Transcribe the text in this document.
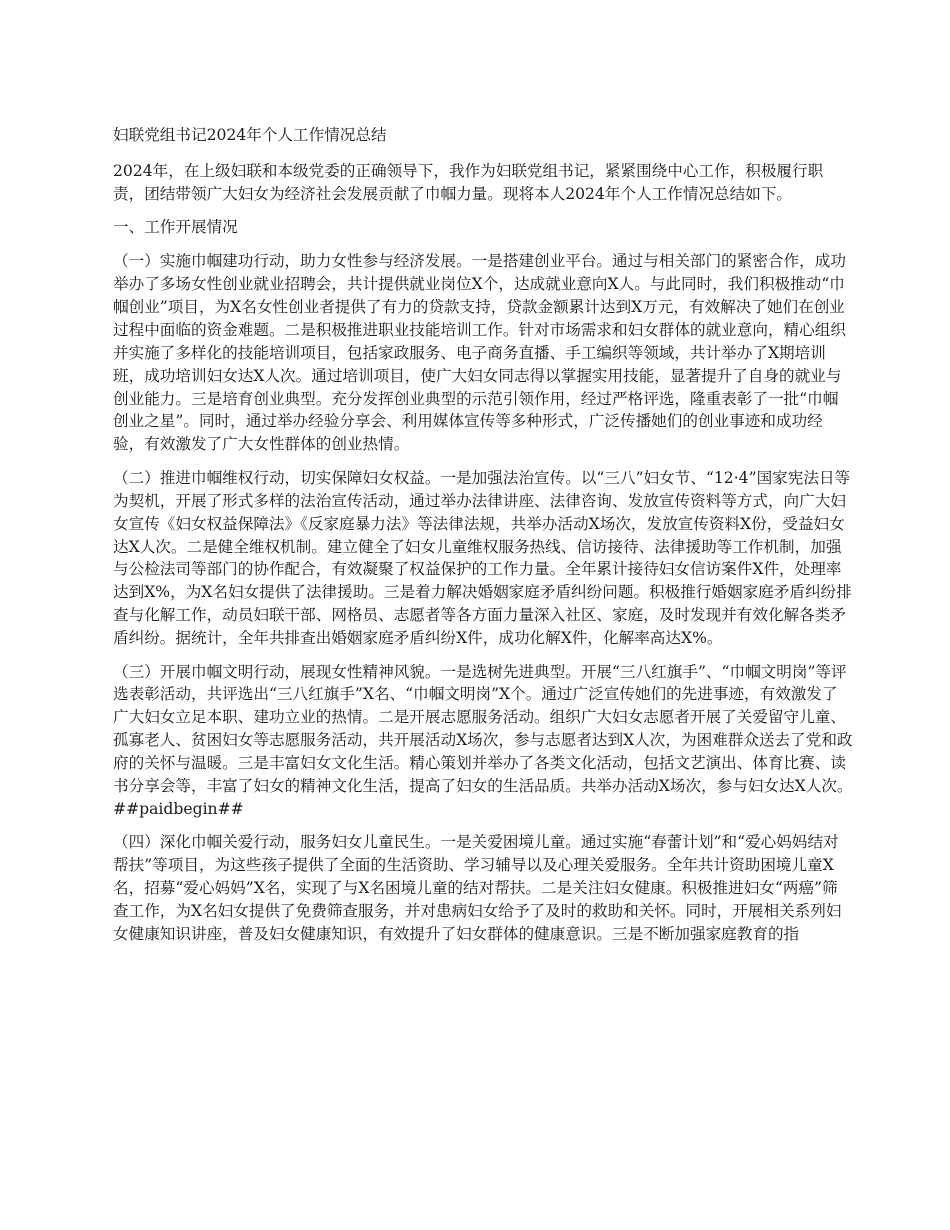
妇联党组书记2024年个人工作情况总结

2024年，在上级妇联和本级党委的正确领导下，我作为妇联党组书记，紧紧围绕中心工作，积极履行职责，团结带领广大妇女为经济社会发展贡献了巾帼力量。现将本人2024年个人工作情况总结如下。

一、工作开展情况

（一）实施巾帼建功行动，助力女性参与经济发展。一是搭建创业平台。通过与相关部门的紧密合作，成功举办了多场女性创业就业招聘会，共计提供就业岗位X个，达成就业意向X人。与此同时，我们积极推动“巾帼创业”项目，为X名女性创业者提供了有力的贷款支持，贷款金额累计达到X万元，有效解决了她们在创业过程中面临的资金难题。二是积极推进职业技能培训工作。针对市场需求和妇女群体的就业意向，精心组织并实施了多样化的技能培训项目，包括家政服务、电子商务直播、手工编织等领域，共计举办了X期培训班，成功培训妇女达X人次。通过培训项目，使广大妇女同志得以掌握实用技能，显著提升了自身的就业与创业能力。三是培育创业典型。充分发挥创业典型的示范引领作用，经过严格评选，隆重表彰了一批“巾帼创业之星”。同时，通过举办经验分享会、利用媒体宣传等多种形式，广泛传播她们的创业事迹和成功经验，有效激发了广大女性群体的创业热情。

（二）推进巾帼维权行动，切实保障妇女权益。一是加强法治宣传。以“三八”妇女节、“12·4”国家宪法日等为契机，开展了形式多样的法治宣传活动，通过举办法律讲座、法律咨询、发放宣传资料等方式，向广大妇女宣传《妇女权益保障法》《反家庭暴力法》等法律法规，共举办活动X场次，发放宣传资料X份，受益妇女达X人次。二是健全维权机制。建立健全了妇女儿童维权服务热线、信访接待、法律援助等工作机制，加强与公检法司等部门的协作配合，有效凝聚了权益保护的工作力量。全年累计接待妇女信访案件X件，处理率达到X%，为X名妇女提供了法律援助。三是着力解决婚姻家庭矛盾纠纷问题。积极推行婚姻家庭矛盾纠纷排查与化解工作，动员妇联干部、网格员、志愿者等各方面力量深入社区、家庭，及时发现并有效化解各类矛盾纠纷。据统计，全年共排查出婚姻家庭矛盾纠纷X件，成功化解X件，化解率高达X%。

（三）开展巾帼文明行动，展现女性精神风貌。一是选树先进典型。开展“三八红旗手”、“巾帼文明岗”等评选表彰活动，共评选出“三八红旗手”X名、“巾帼文明岗”X个。通过广泛宣传她们的先进事迹，有效激发了广大妇女立足本职、建功立业的热情。二是开展志愿服务活动。组织广大妇女志愿者开展了关爱留守儿童、孤寡老人、贫困妇女等志愿服务活动，共开展活动X场次，参与志愿者达到X人次，为困难群众送去了党和政府的关怀与温暖。三是丰富妇女文化生活。精心策划并举办了各类文化活动，包括文艺演出、体育比赛、读书分享会等，丰富了妇女的精神文化生活，提高了妇女的生活品质。共举办活动X场次，参与妇女达X人次。##paidbegin##

（四）深化巾帼关爱行动，服务妇女儿童民生。一是关爱困境儿童。通过实施“春蕾计划”和“爱心妈妈结对帮扶”等项目，为这些孩子提供了全面的生活资助、学习辅导以及心理关爱服务。全年共计资助困境儿童X名，招募“爱心妈妈”X名，实现了与X名困境儿童的结对帮扶。二是关注妇女健康。积极推进妇女“两癌”筛查工作，为X名妇女提供了免费筛查服务，并对患病妇女给予了及时的救助和关怀。同时，开展相关系列妇女健康知识讲座，普及妇女健康知识，有效提升了妇女群体的健康意识。三是不断加强家庭教育的指
